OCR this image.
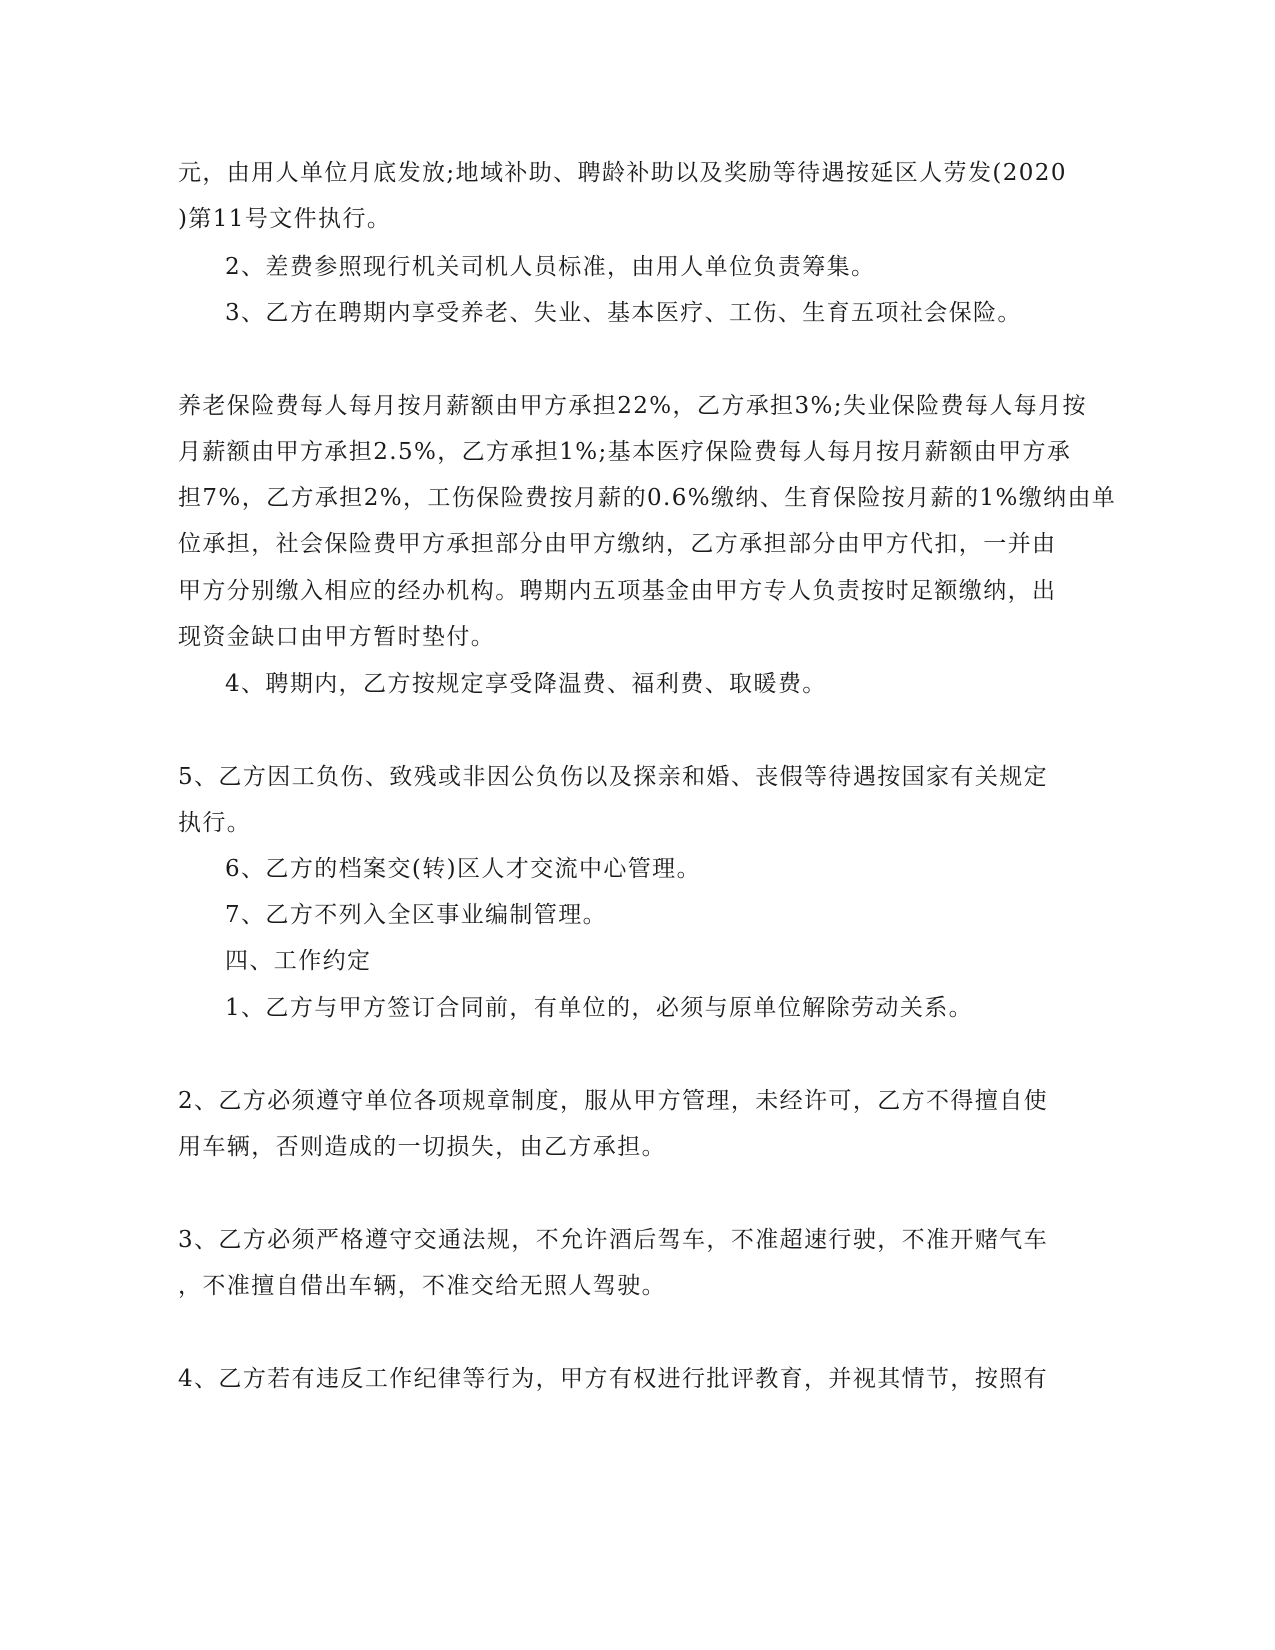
元，由用人单位月底发放;地域补助、聘龄补助以及奖励等待遇按延区人劳发(2020
)第11号文件执行。
2、差费参照现行机关司机人员标准，由用人单位负责筹集。
3、乙方在聘期内享受养老、失业、基本医疗、工伤、生育五项社会保险。
养老保险费每人每月按月薪额由甲方承担22%，乙方承担3%;失业保险费每人每月按
月薪额由甲方承担2.5%，乙方承担1%;基本医疗保险费每人每月按月薪额由甲方承
担7%，乙方承担2%，工伤保险费按月薪的0.6%缴纳、生育保险按月薪的1%缴纳由单
位承担，社会保险费甲方承担部分由甲方缴纳，乙方承担部分由甲方代扣，一并由
甲方分别缴入相应的经办机构。聘期内五项基金由甲方专人负责按时足额缴纳，出
现资金缺口由甲方暂时垫付。
4、聘期内，乙方按规定享受降温费、福利费、取暖费。
5、乙方因工负伤、致残或非因公负伤以及探亲和婚、丧假等待遇按国家有关规定
执行。
6、乙方的档案交(转)区人才交流中心管理。
7、乙方不列入全区事业编制管理。
四、工作约定
1、乙方与甲方签订合同前，有单位的，必须与原单位解除劳动关系。
2、乙方必须遵守单位各项规章制度，服从甲方管理，未经许可，乙方不得擅自使
用车辆，否则造成的一切损失，由乙方承担。
3、乙方必须严格遵守交通法规，不允许酒后驾车，不准超速行驶，不准开赌气车
，不准擅自借出车辆，不准交给无照人驾驶。
4、乙方若有违反工作纪律等行为，甲方有权进行批评教育，并视其情节，按照有
